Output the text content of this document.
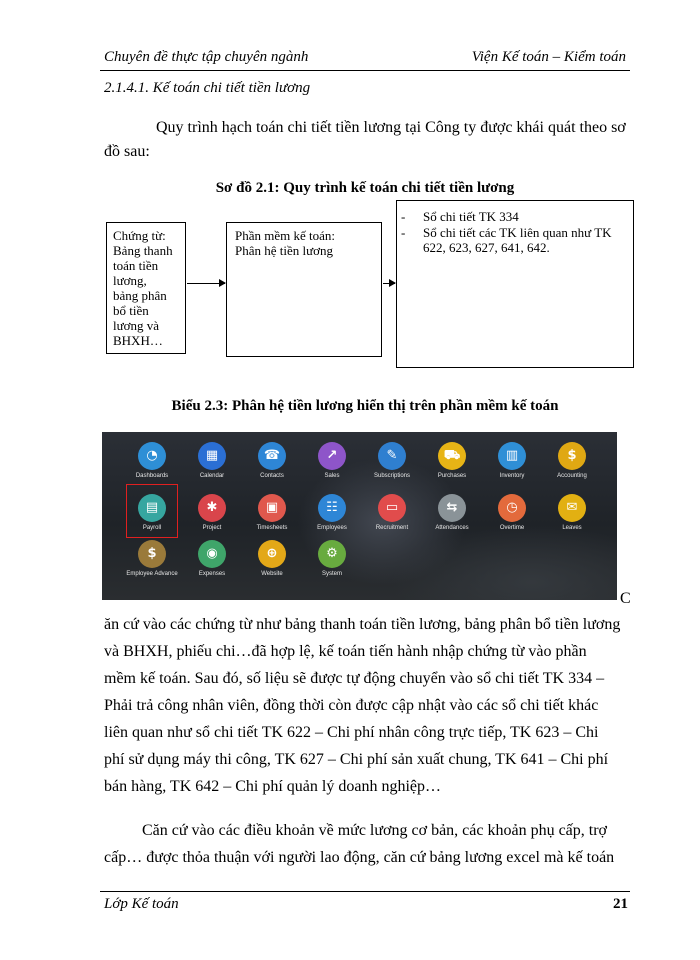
Chuyên đề thực tập chuyên ngành	Viện Kế toán – Kiểm toán
2.1.4.1. Kế toán chi tiết tiền lương
Quy trình hạch toán chi tiết tiền lương tại Công ty được khái quát theo sơ
đồ sau:
Sơ đồ 2.1: Quy trình kế toán chi tiết tiền lương
Chứng từ:
Bảng thanh
toán tiền
lương,
bảng phân
bổ tiền
lương và
BHXH…
Phần mềm kế toán:
Phân hệ tiền lương
- Sổ chi tiết TK 334
- Sổ chi tiết các TK liên quan như TK 622, 623, 627, 641, 642.
Biểu 2.3: Phân hệ tiền lương hiển thị trên phần mềm kế toán
◔
Dashboards
▦
Calendar
☎
Contacts
↗
Sales
✎
Subscriptions
⛟
Purchases
▥
Inventory
$
Accounting
▤
Payroll
✱
Project
▣
Timesheets
☷
Employees
▭
Recruitment
⇆
Attendances
◷
Overtime
✉
Leaves
$
Employee Advance
◉
Expenses
⊕
Website
⚙
System
C
ăn cứ vào các chứng từ như bảng thanh toán tiền lương, bảng phân bổ tiền lương
và BHXH, phiếu chi…đã hợp lệ, kế toán tiến hành nhập chứng từ vào phần
mềm kế toán. Sau đó, số liệu sẽ được tự động chuyển vào sổ chi tiết TK 334 –
Phải trả công nhân viên, đồng thời còn được cập nhật vào các sổ chi tiết khác
liên quan như sổ chi tiết TK 622 – Chi phí nhân công trực tiếp, TK 623 – Chi
phí sử dụng máy thi công, TK 627 – Chi phí sản xuất chung, TK 641 – Chi phí
bán hàng, TK 642 – Chi phí quản lý doanh nghiệp…
Căn cứ vào các điều khoản về mức lương cơ bản, các khoản phụ cấp, trợ
cấp… được thỏa thuận với người lao động, căn cứ bảng lương excel mà kế toán
Lớp Kế toán	21
